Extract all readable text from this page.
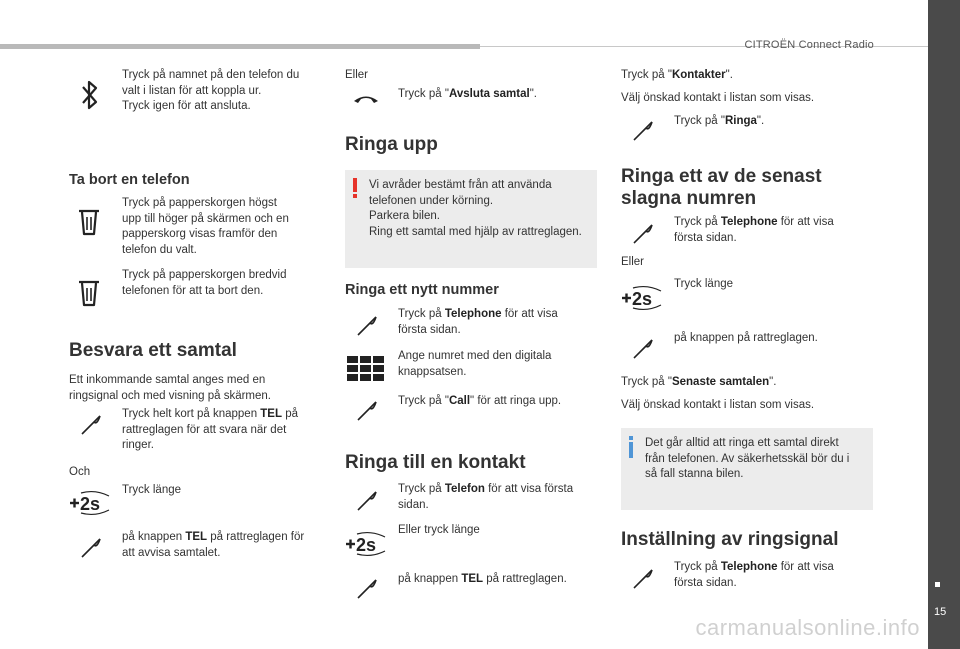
CITROËN Connect Radio
15
carmanualsonline.info
Tryck på namnet på den telefon du
valt i listan för att koppla ur.
Tryck igen för att ansluta.
Ta bort en telefon
Tryck på papperskorgen högst
upp till höger på skärmen och en
papperskorg visas framför den
telefon du valt.
Tryck på papperskorgen bredvid
telefonen för att ta bort den.
Besvara ett samtal
Ett inkommande samtal anges med en
ringsignal och med visning på skärmen.
Tryck helt kort på knappen TEL på
rattreglagen för att svara när det
ringer.
Och
2s
Tryck länge
på knappen TEL på rattreglagen för
att avvisa samtalet.
Eller
Tryck på "Avsluta samtal".
Ringa upp
Vi avråder bestämt från att använda
telefonen under körning.
Parkera bilen.
Ring ett samtal med hjälp av rattreglagen.
Ringa ett nytt nummer
Tryck på Telephone för att visa
första sidan.
Ange numret med den digitala
knappsatsen.
Tryck på "Call" för att ringa upp.
Ringa till en kontakt
Tryck på Telefon för att visa första
sidan.
2s
Eller tryck länge
på knappen TEL på rattreglagen.
Tryck på "Kontakter".
Välj önskad kontakt i listan som visas.
Tryck på "Ringa".
Ringa ett av de senast
slagna numren
Tryck på Telephone för att visa
första sidan.
Eller
2s
Tryck länge
på knappen på rattreglagen.
Tryck på "Senaste samtalen".
Välj önskad kontakt i listan som visas.
Det går alltid att ringa ett samtal direkt
från telefonen. Av säkerhetsskäl bör du i
så fall stanna bilen.
Inställning av ringsignal
Tryck på Telephone för att visa
första sidan.
